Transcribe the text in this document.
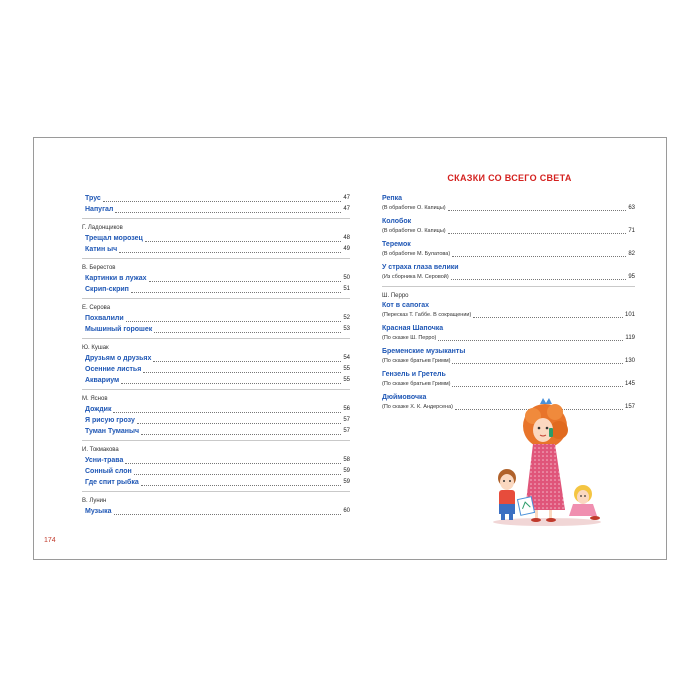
Трус	47
Напугал	47
Г. Ладонщиков
Трещал морозец	48
Катин ыч	49
В. Берестов
Картинки в лужах	50
Скрип-скрип	51
Е. Серова
Похвалили	52
Мышиный горошек	53
Ю. Кушак
Друзьям о друзьях	54
Осенние листья	55
Аквариум	55
М. Яснов
Дождик	56
Я рисую грозу	57
Туман Туманыч	57
И. Токмакова
Усни-трава	58
Сонный слон	59
Где спит рыбка	59
В. Лунин
Музыка	60
174
СКАЗКИ СО ВСЕГО СВЕТА
Репка
(В обработке О. Капицы)	63
Колобок
(В обработке О. Капицы)	71
Теремок
(В обработке М. Булатова)	82
У страха глаза велики
(Из сборника М. Серовой)	95
Ш. Перро
Кот в сапогах
(Пересказ Т. Габбе. В сокращении)	101
Красная Шапочка
(По сказке Ш. Перро)	119
Бременские музыканты
(По сказке братьев Гримм)	130
Гензель и Гретель
(По сказке братьев Гримм)	145
Дюймовочка
(По сказке Х. К. Андерсена)	157
